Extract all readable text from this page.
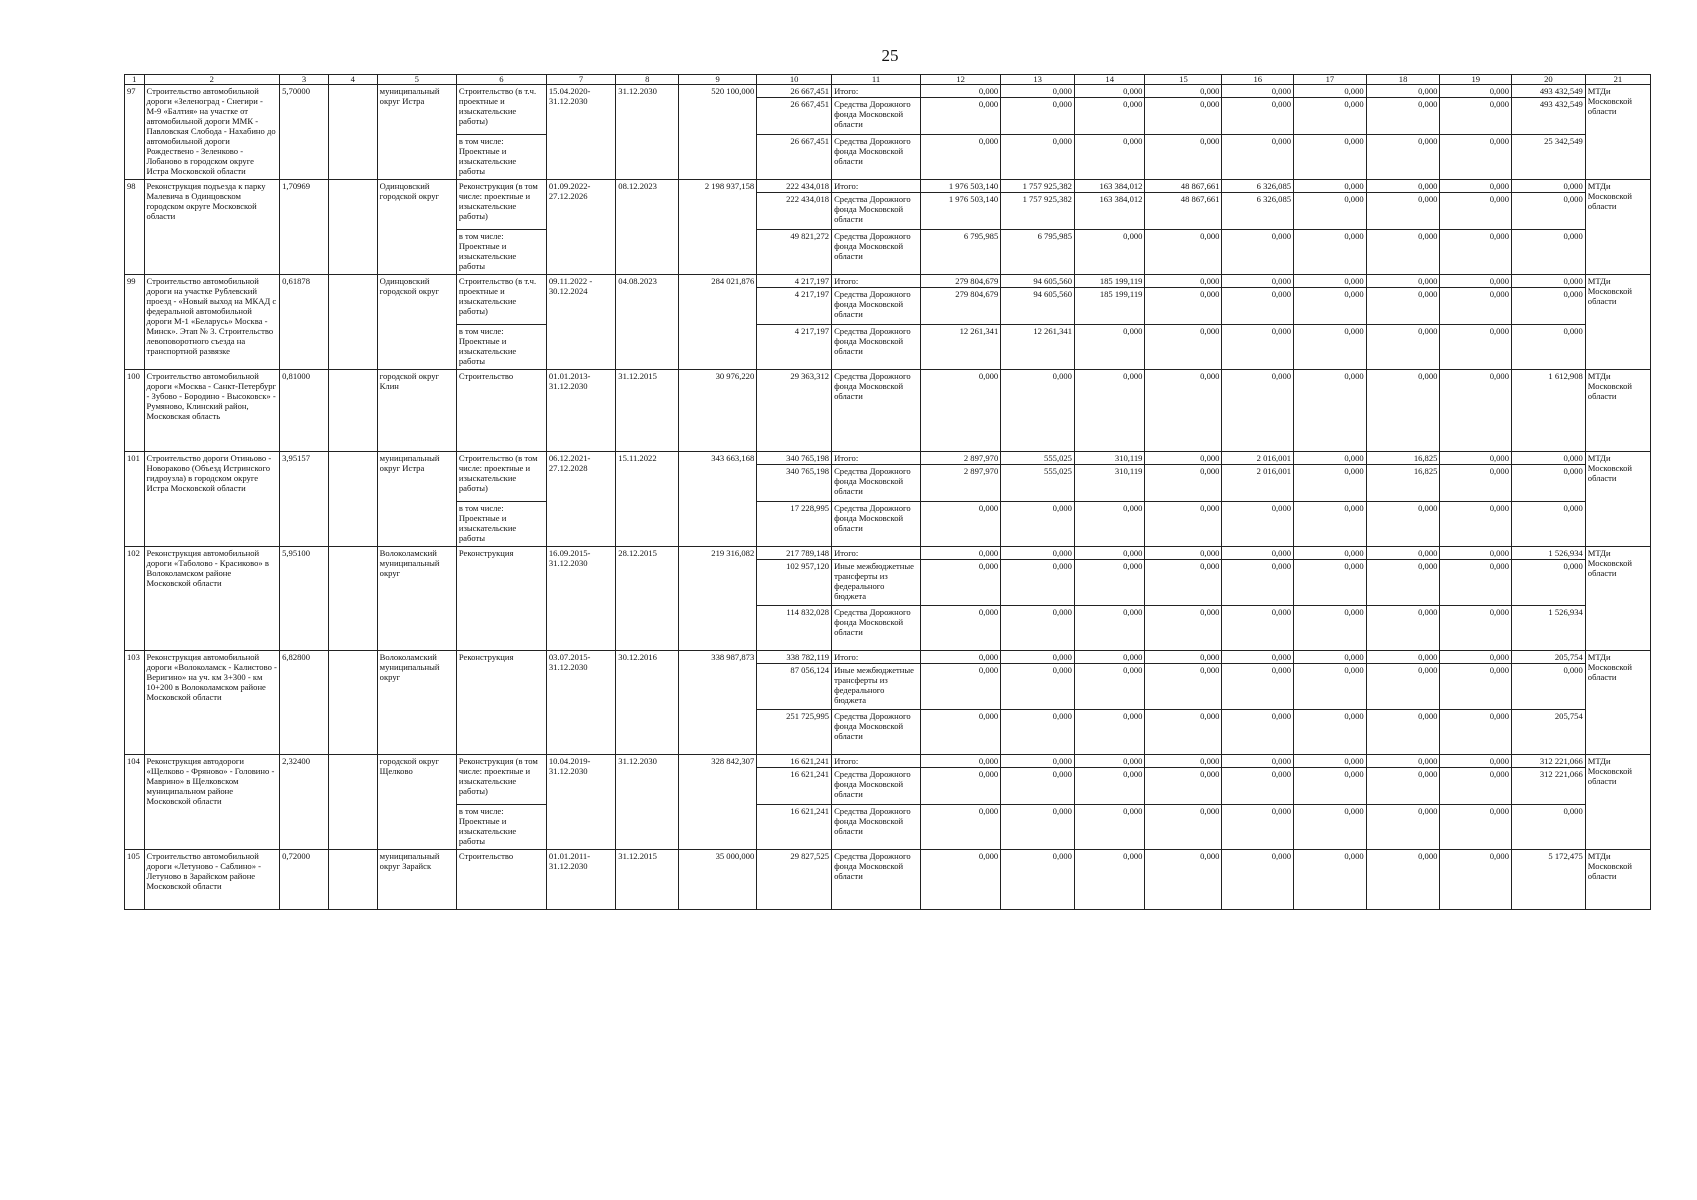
25
1	2	3	4	5	6	7	8	9	10	11	12	13	14	15	16	17	18	19	20	21
97	Строительство автомобильной дороги «Зеленоград - Снегири - М-9 «Балтия» на участке от автомобильной дороги ММК - Павловская Слобода - Нахабино до автомобильной дороги Рождествено - Зеленково - Лобаново в городском округе Истра Московской области	5,70000		муниципальный округ Истра	Строительство (в т.ч. проектные и изыскательские работы)	15.04.2020-31.12.2030	31.12.2030	520 100,000	26 667,451	Итого:	0,000	0,000	0,000	0,000	0,000	0,000	0,000	0,000	493 432,549	МТДи Московской области
									26 667,451	Средства Дорожного фонда Московской области	0,000	0,000	0,000	0,000	0,000	0,000	0,000	0,000	493 432,549	
					в том числе: Проектные и изыскательские работы				26 667,451	Средства Дорожного фонда Московской области	0,000	0,000	0,000	0,000	0,000	0,000	0,000	0,000	25 342,549	
98	Реконструкция подъезда к парку Малевича в Одинцовском городском округе Московской области	1,70969		Одинцовский городской округ	Реконструкция (в том числе: проектные и изыскательские работы)	01.09.2022-27.12.2026	08.12.2023	2 198 937,158	222 434,018	Итого:	1 976 503,140	1 757 925,382	163 384,012	48 867,661	6 326,085	0,000	0,000	0,000	0,000	МТДи Московской области
									222 434,018	Средства Дорожного фонда Московской области	1 976 503,140	1 757 925,382	163 384,012	48 867,661	6 326,085	0,000	0,000	0,000	0,000	
					в том числе: Проектные и изыскательские работы				49 821,272	Средства Дорожного фонда Московской области	6 795,985	6 795,985	0,000	0,000	0,000	0,000	0,000	0,000	0,000	
99	Строительство автомобильной дороги на участке Рублевский проезд - «Новый выход на МКАД с федеральной автомобильной дороги М-1 «Беларусь» Москва - Минск». Этап № 3. Строительство левоповоротного съезда на транспортной развязке	0,61878		Одинцовский городской округ	Строительство (в т.ч. проектные и изыскательские работы)	09.11.2022 - 30.12.2024	04.08.2023	284 021,876	4 217,197	Итого:	279 804,679	94 605,560	185 199,119	0,000	0,000	0,000	0,000	0,000	0,000	МТДи Московской области
									4 217,197	Средства Дорожного фонда Московской области	279 804,679	94 605,560	185 199,119	0,000	0,000	0,000	0,000	0,000	0,000	
					в том числе: Проектные и изыскательские работы				4 217,197	Средства Дорожного фонда Московской области	12 261,341	12 261,341	0,000	0,000	0,000	0,000	0,000	0,000	0,000	
100	Строительство автомобильной дороги «Москва - Санкт-Петербург - Зубово - Бородино - Высоковск» - Румяново, Клинский район, Московская область	0,81000		городской округ Клин	Строительство	01.01.2013-31.12.2030	31.12.2015	30 976,220	29 363,312	Средства Дорожного фонда Московской области	0,000	0,000	0,000	0,000	0,000	0,000	0,000	0,000	1 612,908	МТДи Московской области
101	Строительство дороги Отиньово - Новораково (Объезд Истринского гидроузла) в городском округе Истра Московской области	3,95157		муниципальный округ Истра	Строительство (в том числе: проектные и изыскательские работы)	06.12.2021-27.12.2028	15.11.2022	343 663,168	340 765,198	Итого:	2 897,970	555,025	310,119	0,000	2 016,001	0,000	16,825	0,000	0,000	МТДи Московской области
									340 765,198	Средства Дорожного фонда Московской области	2 897,970	555,025	310,119	0,000	2 016,001	0,000	16,825	0,000	0,000	
					в том числе: Проектные и изыскательские работы				17 228,995	Средства Дорожного фонда Московской области	0,000	0,000	0,000	0,000	0,000	0,000	0,000	0,000	0,000	
102	Реконструкция автомобильной дороги «Таболово - Красиково» в Волоколамском районе Московской области	5,95100		Волоколамский муниципальный округ	Реконструкция	16.09.2015-31.12.2030	28.12.2015	219 316,082	217 789,148	Итого:	0,000	0,000	0,000	0,000	0,000	0,000	0,000	0,000	1 526,934	МТДи Московской области
									102 957,120	Иные межбюджетные трансферты из федерального бюджета	0,000	0,000	0,000	0,000	0,000	0,000	0,000	0,000	0,000	
									114 832,028	Средства Дорожного фонда Московской области	0,000	0,000	0,000	0,000	0,000	0,000	0,000	0,000	1 526,934	
103	Реконструкция автомобильной дороги «Волоколамск - Калистово - Веригино» на уч. км 3+300 - км 10+200 в Волоколамском районе Московской области	6,82800		Волоколамский муниципальный округ	Реконструкция	03.07.2015-31.12.2030	30.12.2016	338 987,873	338 782,119	Итого:	0,000	0,000	0,000	0,000	0,000	0,000	0,000	0,000	205,754	МТДи Московской области
									87 056,124	Иные межбюджетные трансферты из федерального бюджета	0,000	0,000	0,000	0,000	0,000	0,000	0,000	0,000	0,000	
									251 725,995	Средства Дорожного фонда Московской области	0,000	0,000	0,000	0,000	0,000	0,000	0,000	0,000	205,754	
104	Реконструкция автодороги «Щелково - Фряново» - Головино - Маврино» в Щелковском муниципальном районе Московской области	2,32400		городской округ Щелково	Реконструкция (в том числе: проектные и изыскательские работы)	10.04.2019-31.12.2030	31.12.2030	328 842,307	16 621,241	Итого:	0,000	0,000	0,000	0,000	0,000	0,000	0,000	0,000	312 221,066	МТДи Московской области
									16 621,241	Средства Дорожного фонда Московской области	0,000	0,000	0,000	0,000	0,000	0,000	0,000	0,000	312 221,066	
					в том числе: Проектные и изыскательские работы				16 621,241	Средства Дорожного фонда Московской области	0,000	0,000	0,000	0,000	0,000	0,000	0,000	0,000	0,000	
105	Строительство автомобильной дороги «Летуново - Саблино» - Летуново в Зарайском районе Московской области	0,72000		муниципальный округ Зарайск	Строительство	01.01.2011-31.12.2030	31.12.2015	35 000,000	29 827,525	Средства Дорожного фонда Московской области	0,000	0,000	0,000	0,000	0,000	0,000	0,000	0,000	5 172,475	МТДи Московской области
